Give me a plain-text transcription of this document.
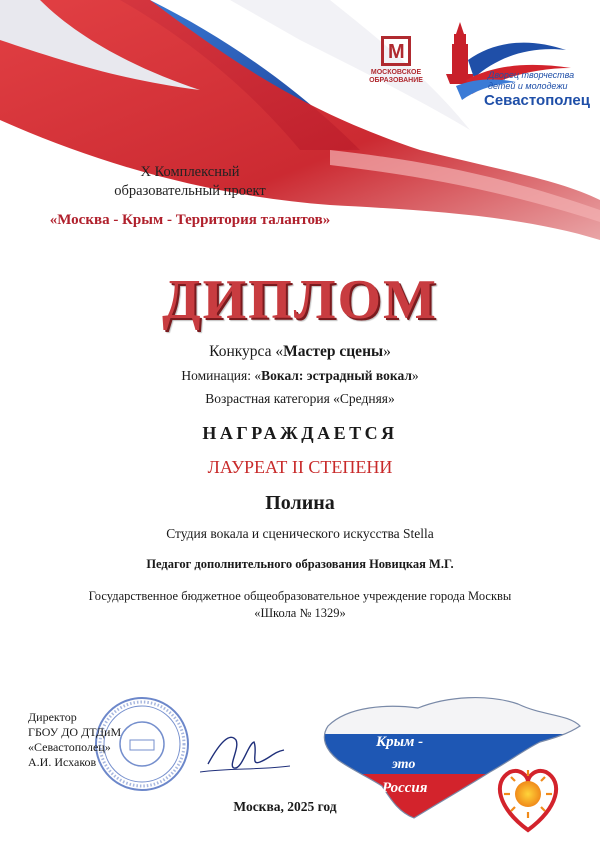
M
МОСКОВСКОЕ
ОБРАЗОВАНИЕ
Дворец творчества
детей и молодежи
Севастополец
X Комплексный
образовательный проект
«Москва - Крым - Территория талантов»
ДИПЛОМ
Конкурса «Мастер сцены»
Номинация: «Вокал: эстрадный вокал»
Возрастная категория «Средняя»
НАГРАЖДАЕТСЯ
ЛАУРЕАТ II СТЕПЕНИ
Полина
Студия вокала и сценического искусства Stella
Педагог дополнительного образования Новицкая М.Г.
Государственное бюджетное общеобразовательное учреждение города Москвы
«Школа № 1329»
Директор
ГБОУ ДО ДТДиМ
«Севастополец»
А.И. Исхаков
Москва, 2025 год
Крым -
это
Россия
